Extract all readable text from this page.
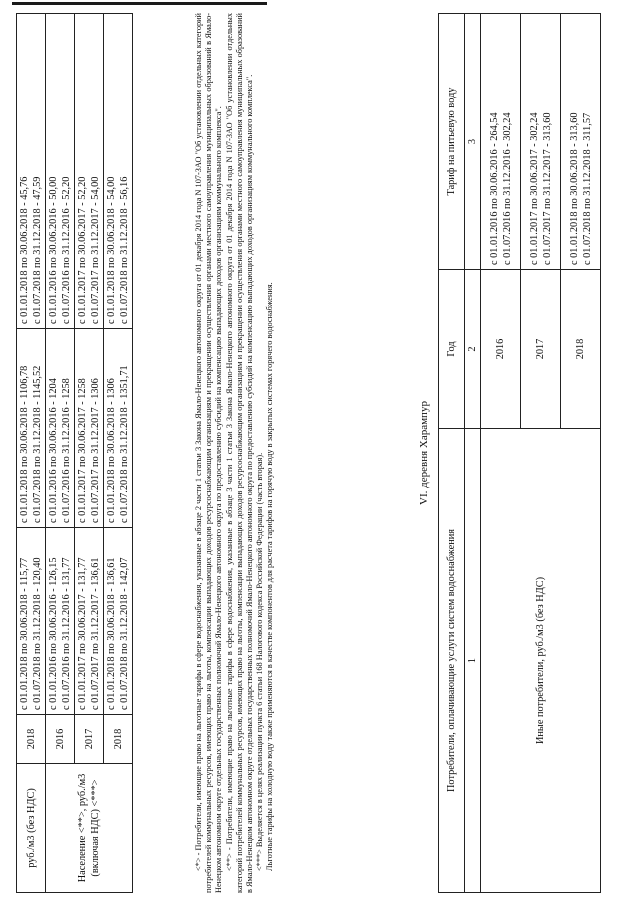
руб./м3 (без НДС)	2018	с 01.01.2018 по 30.06.2018 - 115,77 с 01.07.2018 по 31.12.2018 - 120,40	с 01.01.2018 по 30.06.2018 - 1106,78 с 01.07.2018 по 31.12.2018 - 1145,52	с 01.01.2018 по 30.06.2018 - 45,76 с 01.07.2018 по 31.12.2018 - 47,59

Население <**>, руб./м3 (включая НДС) <***>	2016	с 01.01.2016 по 30.06.2016 - 126,15 с 01.07.2016 по 31.12.2016 - 131,77	с 01.01.2016 по 30.06.2016 - 1204 с 01.07.2016 по 31.12.2016 - 1258	с 01.01.2016 по 30.06.2016 - 50,00 с 01.07.2016 по 31.12.2016 - 52,20

	2017	с 01.01.2017 по 30.06.2017 - 131,77 с 01.07.2017 по 31.12.2017 - 136,61	с 01.01.2017 по 30.06.2017 - 1258 с 01.07.2017 по 31.12.2017 - 1306	с 01.01.2017 по 30.06.2017 - 52,20 с 01.07.2017 по 31.12.2017 - 54,00

	2018	с 01.01.2018 по 30.06.2018 - 136,61 с 01.07.2018 по 31.12.2018 - 142,07	с 01.01.2018 по 30.06.2018 - 1306 с 01.07.2018 по 31.12.2018 - 1351,71	с 01.01.2018 по 30.06.2018 - 54,00 с 01.07.2018 по 31.12.2018 - 56,16	<*> - Потребители, имеющие право на льготные тарифы в сфере водоснабжения, указанные в абзаце 2 части 1 статьи 3 Закона Ямало-Ненецкого автономного округа от 01 декабря 2014 года N 107-ЗАО "Об установлении отдельных категорий потребителей коммунальных ресурсов, имеющих право на льготы, компенсации выпадающих доходов ресурсоснабжающим организациям и прекращении осуществления органами местного самоуправления муниципальных образований в Ямало-Ненецком автономном округе отдельных государственных полномочий Ямало-Ненецкого автономного округа по предоставлению субсидий на компенсацию выпадающих доходов организациям коммунального комплекса". <**> - Потребители, имеющие право на льготные тарифы в сфере водоснабжения, указанные в абзаце 3 части 1 статьи 3 Закона Ямало-Ненецкого автономного округа от 01 декабря 2014 года N 107-ЗАО "Об установлении отдельных категорий потребителей коммунальных ресурсов, имеющих право на льготы, компенсации выпадающих доходов ресурсоснабжающим организациям и прекращении осуществления органами местного самоуправления муниципальных образований в Ямало-Ненецком автономном округе отдельных государственных полномочий Ямало-Ненецкого автономного округа по предоставлению субсидий на компенсацию выпадающих доходов организациям коммунального комплекса". <***> Выделяется в целях реализации пункта 6 статьи 168 Налогового кодекса Российской Федерации (часть вторая). Льготные тарифы на холодную воду также применяются в качестве компонентов для расчета тарифов на горячую воду в закрытых системах горячего водоснабжения.	VI. деревня Харампур
Потребители, оплачивающие услуги систем водоснабжения	Год	Тариф на питьевую воду
1	2	3
Иные потребители, руб./м3 (без НДС)	2016	с 01.01.2016 по 30.06.2016 - 264,54 с 01.07.2016 по 31.12.2016 - 302,24

	2017	с 01.01.2017 по 30.06.2017 - 302,24 с 01.07.2017 по 31.12.2017 - 313,60

	2018	с 01.01.2018 по 30.06.2018 - 313,60 с 01.07.2018 по 31.12.2018 - 311,57
